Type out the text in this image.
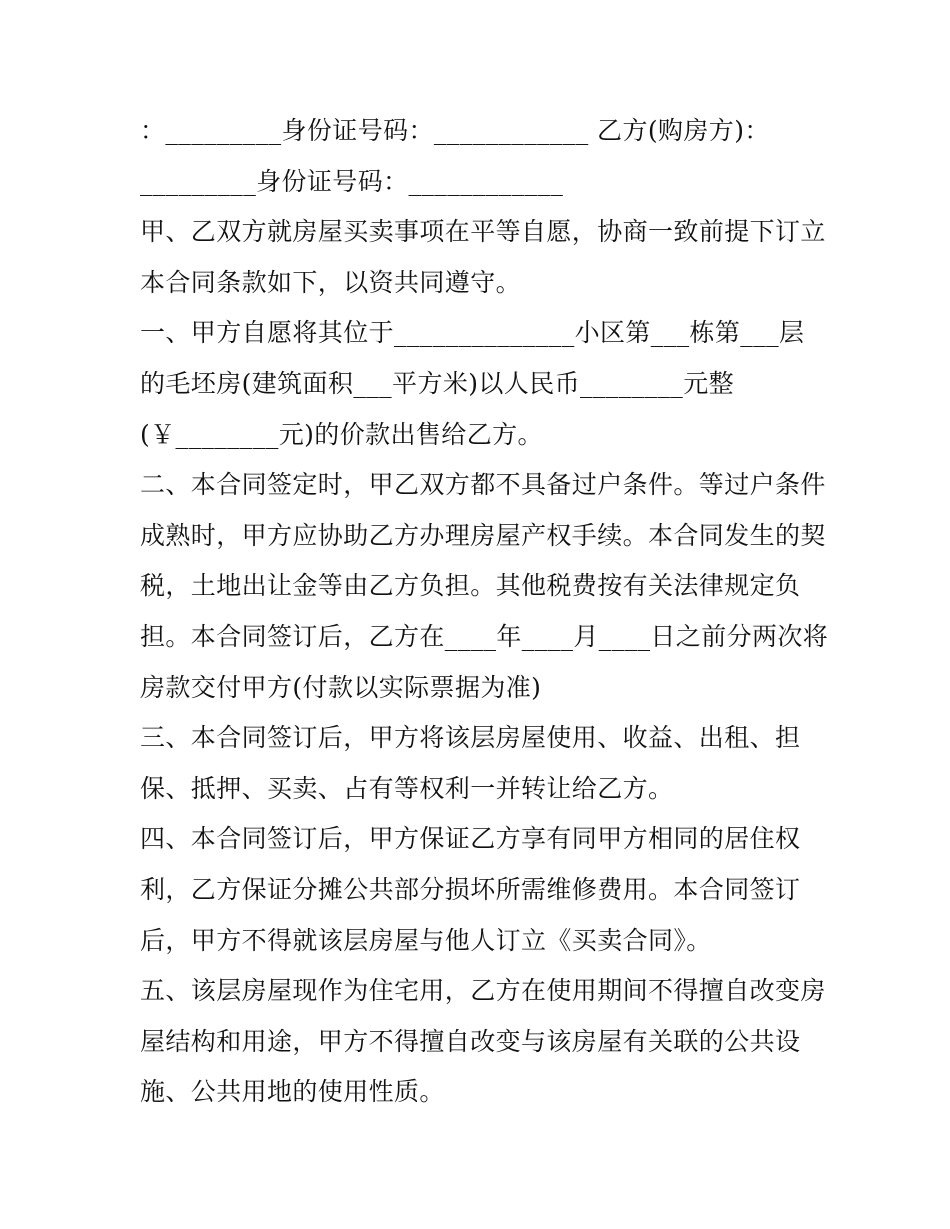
：_________身份证号码：____________ 乙方(购房方)：
_________身份证号码：____________
甲、乙双方就房屋买卖事项在平等自愿，协商一致前提下订立
本合同条款如下，以资共同遵守。
一、甲方自愿将其位于______________小区第___栋第___层
的毛坯房(建筑面积___平方米)以人民币________元整
(￥________元)的价款出售给乙方。
二、本合同签定时，甲乙双方都不具备过户条件。等过户条件
成熟时，甲方应协助乙方办理房屋产权手续。本合同发生的契
税，土地出让金等由乙方负担。其他税费按有关法律规定负
担。本合同签订后，乙方在____年____月____日之前分两次将
房款交付甲方(付款以实际票据为准)
三、本合同签订后，甲方将该层房屋使用、收益、出租、担
保、抵押、买卖、占有等权利一并转让给乙方。
四、本合同签订后，甲方保证乙方享有同甲方相同的居住权
利，乙方保证分摊公共部分损坏所需维修费用。本合同签订
后，甲方不得就该层房屋与他人订立《买卖合同》。
五、该层房屋现作为住宅用，乙方在使用期间不得擅自改变房
屋结构和用途，甲方不得擅自改变与该房屋有关联的公共设
施、公共用地的使用性质。
